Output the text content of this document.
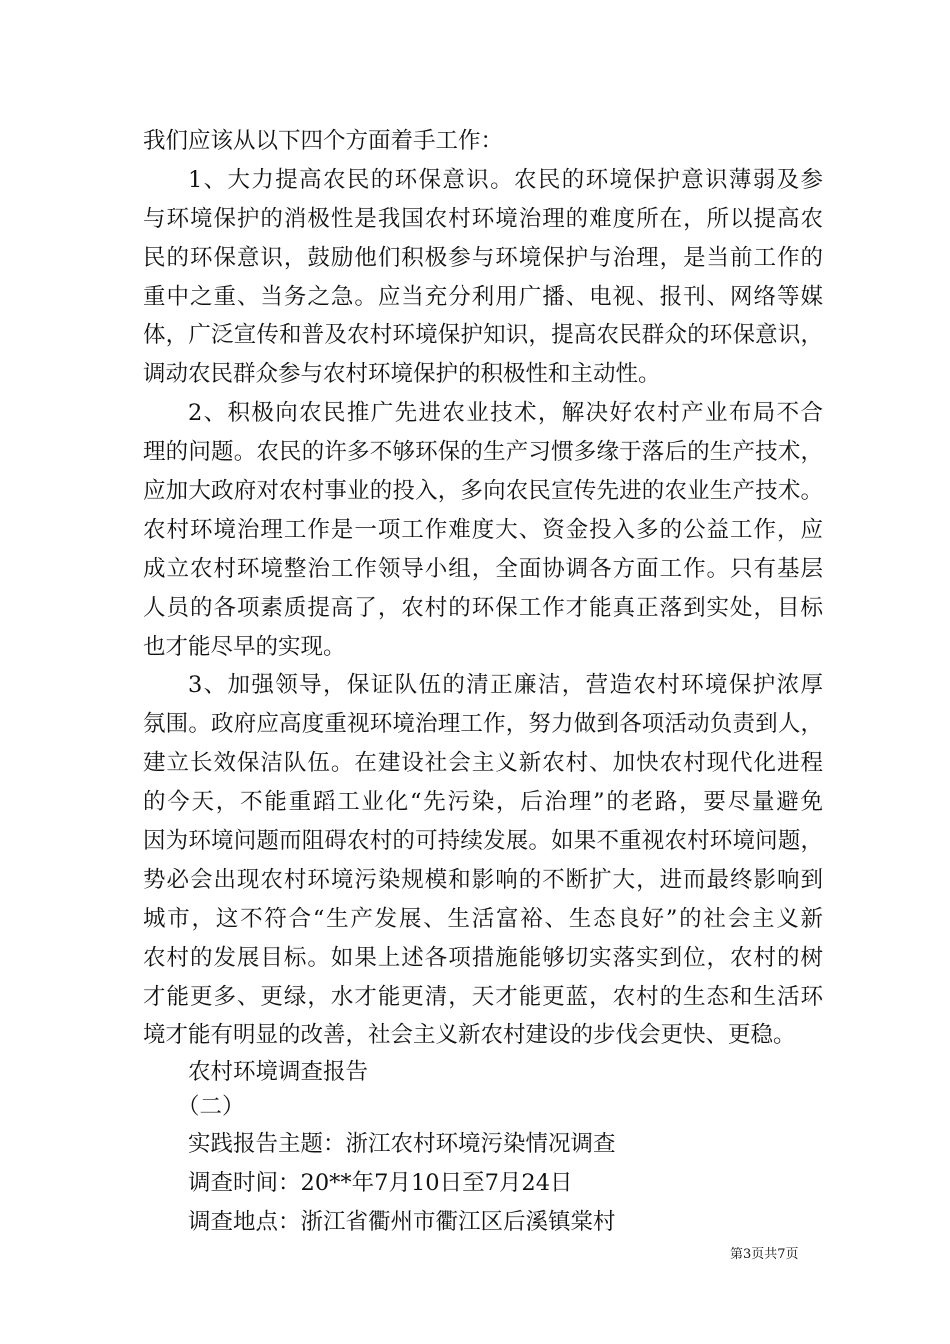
我们应该从以下四个方面着手工作：
1、大力提高农民的环保意识。农民的环境保护意识薄弱及参
与环境保护的消极性是我国农村环境治理的难度所在，所以提高农
民的环保意识，鼓励他们积极参与环境保护与治理，是当前工作的
重中之重、当务之急。应当充分利用广播、电视、报刊、网络等媒
体，广泛宣传和普及农村环境保护知识，提高农民群众的环保意识，
调动农民群众参与农村环境保护的积极性和主动性。
2、积极向农民推广先进农业技术，解决好农村产业布局不合
理的问题。农民的许多不够环保的生产习惯多缘于落后的生产技术，
应加大政府对农村事业的投入，多向农民宣传先进的农业生产技术。
农村环境治理工作是一项工作难度大、资金投入多的公益工作，应
成立农村环境整治工作领导小组，全面协调各方面工作。只有基层
人员的各项素质提高了，农村的环保工作才能真正落到实处，目标
也才能尽早的实现。
3、加强领导，保证队伍的清正廉洁，营造农村环境保护浓厚
氛围。政府应高度重视环境治理工作，努力做到各项活动负责到人，
建立长效保洁队伍。在建设社会主义新农村、加快农村现代化进程
的今天，不能重蹈工业化“先污染，后治理”的老路，要尽量避免
因为环境问题而阻碍农村的可持续发展。如果不重视农村环境问题，
势必会出现农村环境污染规模和影响的不断扩大，进而最终影响到
城市，这不符合“生产发展、生活富裕、生态良好”的社会主义新
农村的发展目标。如果上述各项措施能够切实落实到位，农村的树
才能更多、更绿，水才能更清，天才能更蓝，农村的生态和生活环
境才能有明显的改善，社会主义新农村建设的步伐会更快、更稳。
农村环境调查报告
（二）
实践报告主题：浙江农村环境污染情况调查
调查时间：20**年7月10日至7月24日
调查地点：浙江省衢州市衢江区后溪镇棠村
第3页共7页
